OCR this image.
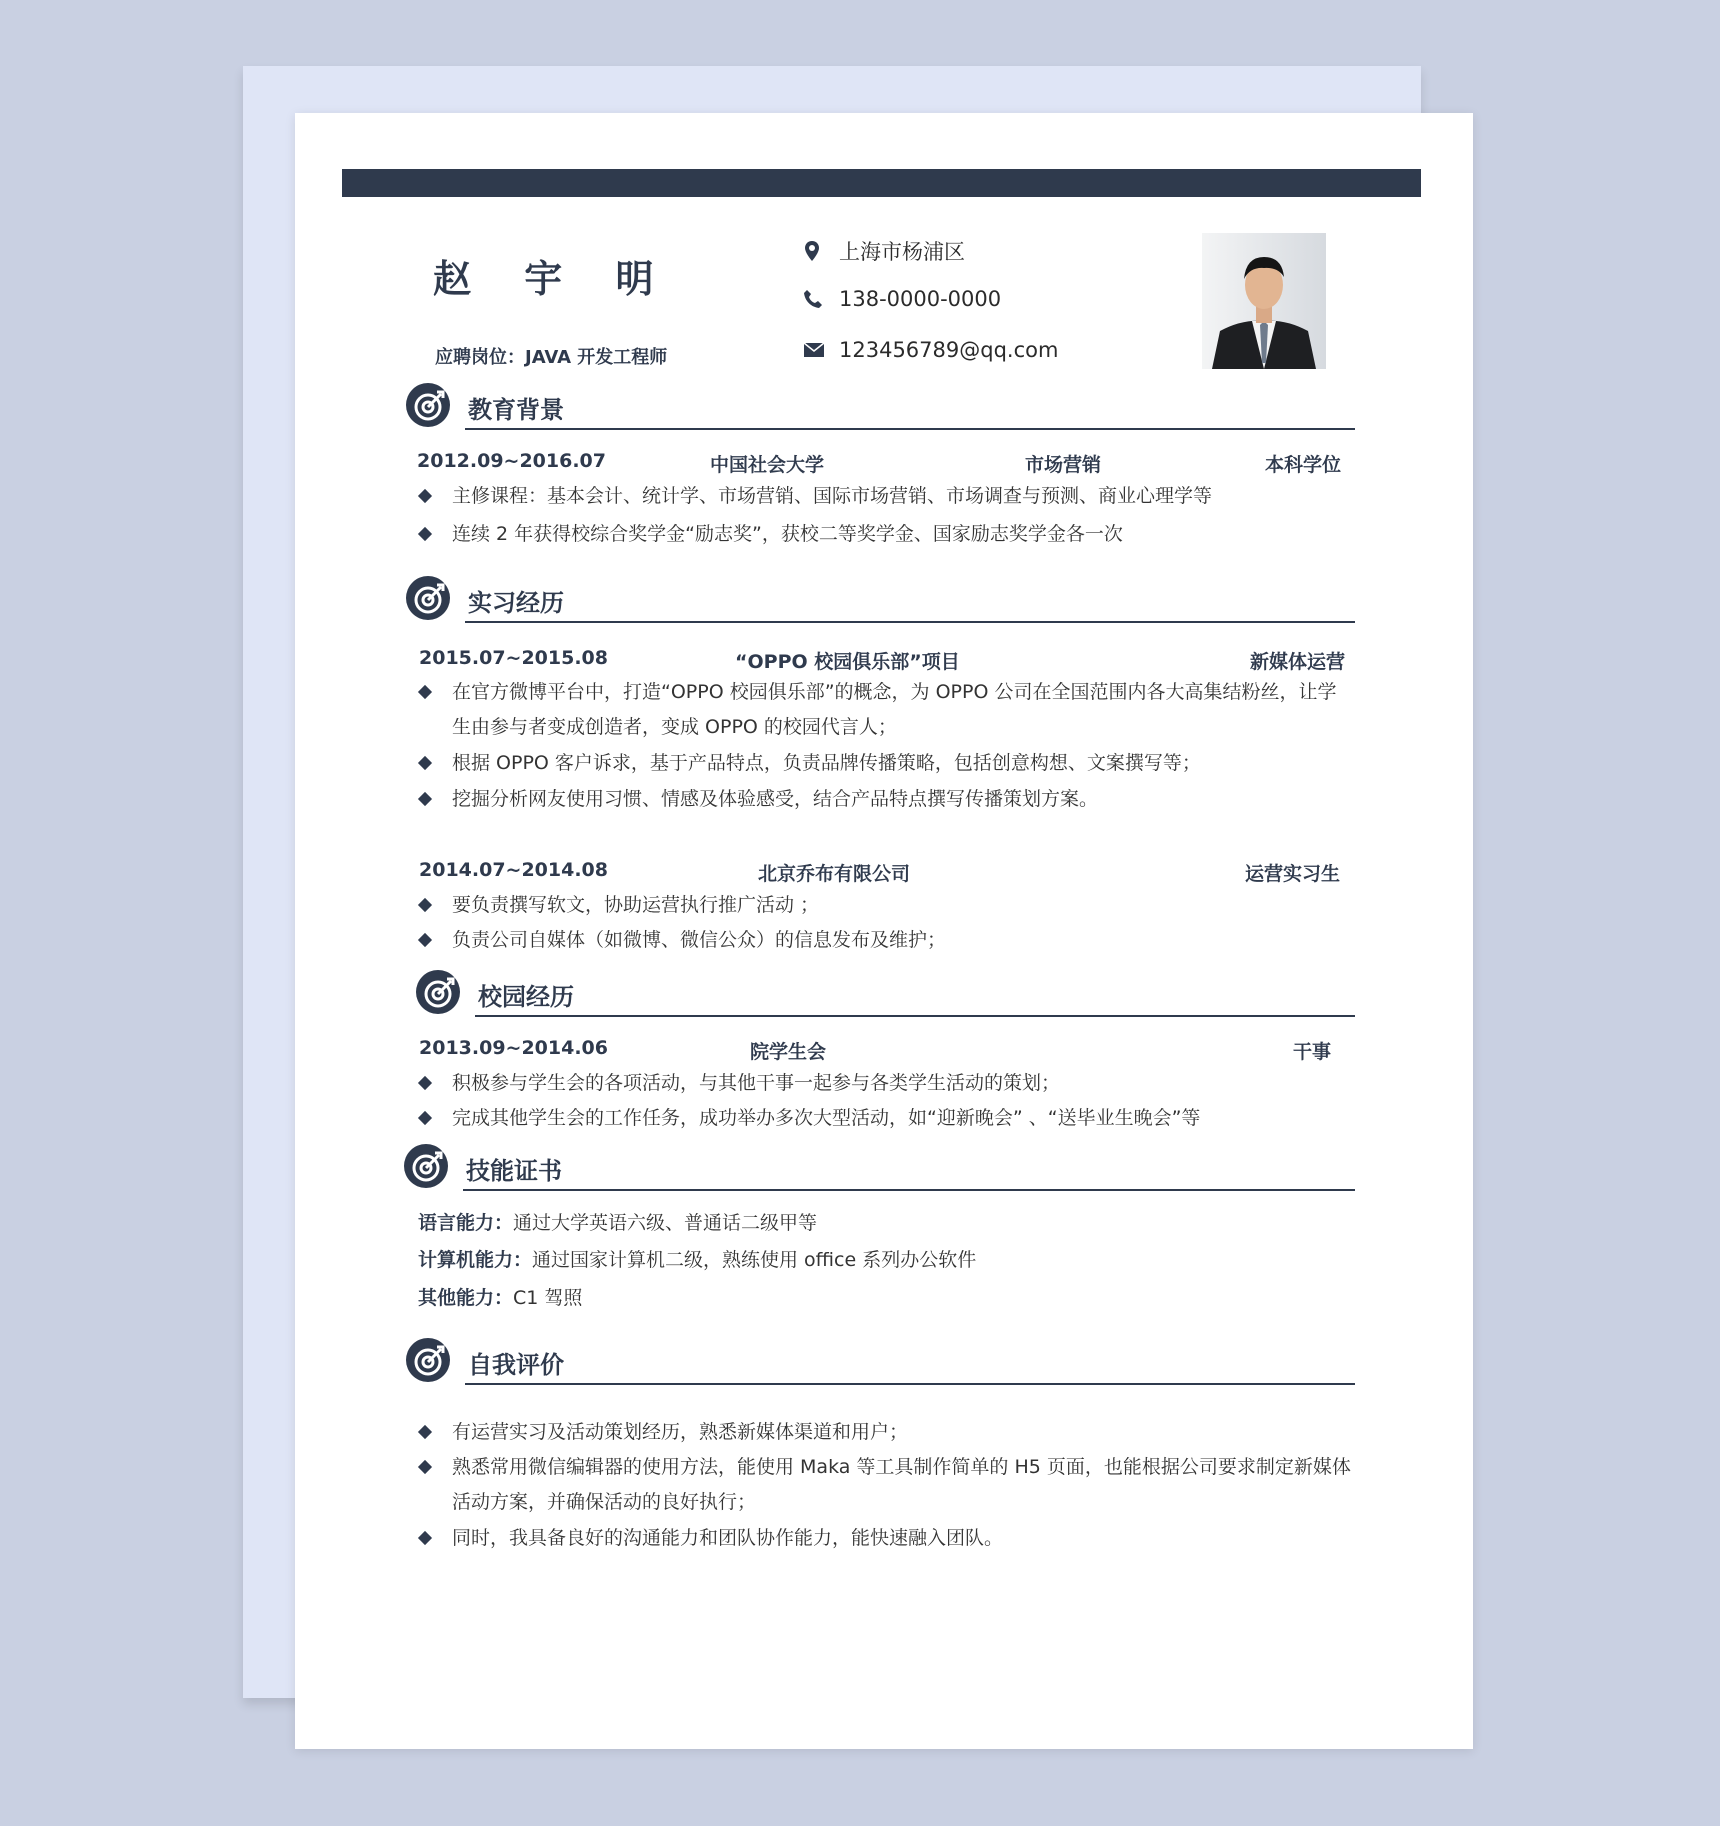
赵 宇 明
应聘岗位：JAVA 开发工程师
上海市杨浦区
138-0000-0000
123456789@qq.com
教育背景
2012.09~2016.07	中国社会大学	市场营销	本科学位
主修课程：基本会计、统计学、市场营销、国际市场营销、市场调查与预测、商业心理学等
连续 2 年获得校综合奖学金“励志奖”，获校二等奖学金、国家励志奖学金各一次
实习经历
2015.07~2015.08	“OPPO 校园俱乐部”项目	新媒体运营
在官方微博平台中，打造“OPPO 校园俱乐部”的概念，为 OPPO 公司在全国范围内各大高集结粉丝，让学生由参与者变成创造者，变成 OPPO 的校园代言人；
根据 OPPO 客户诉求，基于产品特点，负责品牌传播策略，包括创意构想、文案撰写等；
挖掘分析网友使用习惯、情感及体验感受，结合产品特点撰写传播策划方案。
2014.07~2014.08	北京乔布有限公司	运营实习生
要负责撰写软文，协助运营执行推广活动 ；
负责公司自媒体（如微博、微信公众）的信息发布及维护；
校园经历
2013.09~2014.06	院学生会	干事
积极参与学生会的各项活动，与其他干事一起参与各类学生活动的策划；
完成其他学生会的工作任务，成功举办多次大型活动，如“迎新晚会” 、“送毕业生晚会”等
技能证书
语言能力：通过大学英语六级、普通话二级甲等
计算机能力：通过国家计算机二级，熟练使用 office 系列办公软件
其他能力：C1 驾照
自我评价
有运营实习及活动策划经历，熟悉新媒体渠道和用户；
熟悉常用微信编辑器的使用方法，能使用 Maka 等工具制作简单的 H5 页面，也能根据公司要求制定新媒体活动方案，并确保活动的良好执行；
同时，我具备良好的沟通能力和团队协作能力，能快速融入团队。
